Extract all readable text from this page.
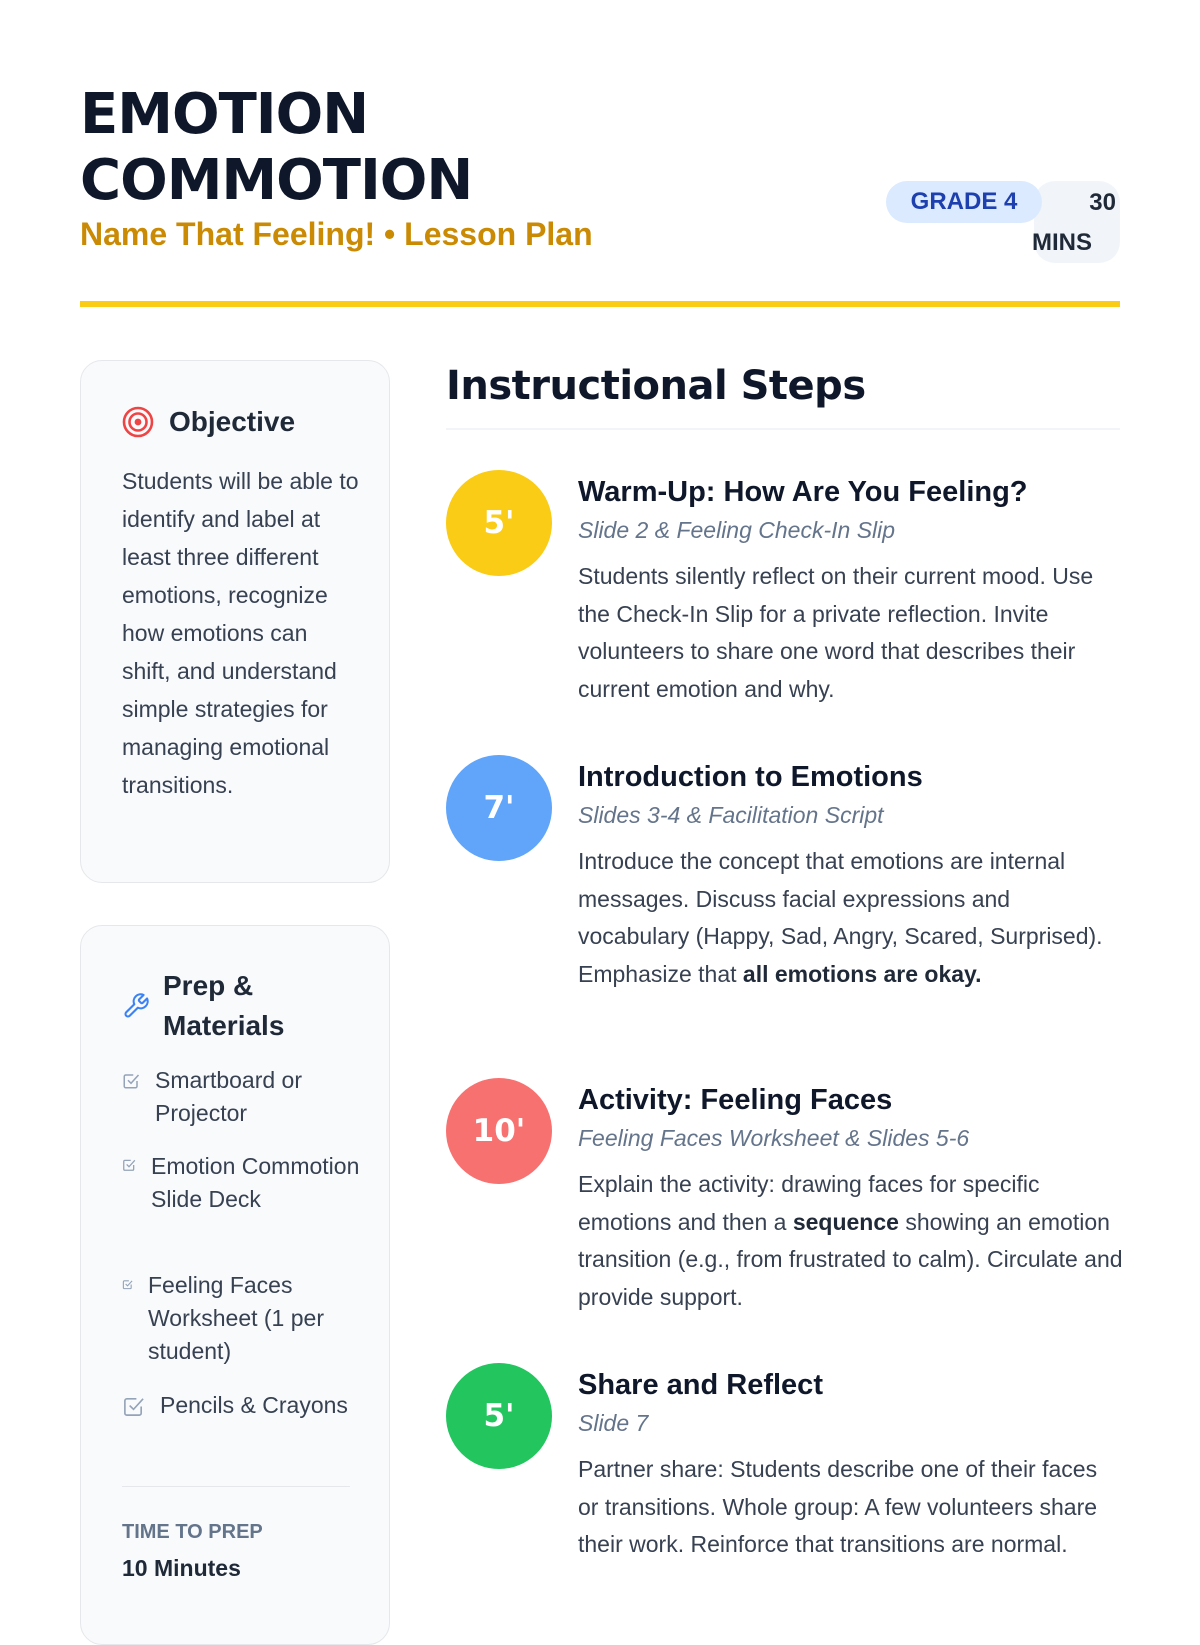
EMOTION
COMMOTION
Name That Feeling! • Lesson Plan
30
MINS
GRADE 4
Objective

Students will be able to identify and label at least three different emotions, recognize how emotions can shift, and understand simple strategies for managing emotional transitions.

Prep & Materials
Smartboard or Projector
Emotion Commotion Slide Deck
Feeling Faces Worksheet (1 per student)
Pencils & Crayons
TIME TO PREP
10 Minutes
Instructional Steps
5'
Warm-Up: How Are You Feeling?
Slide 2 & Feeling Check-In Slip

Students silently reflect on their current mood. Use the Check-In Slip for a private reflection. Invite volunteers to share one word that describes their current emotion and why.

7'
Introduction to Emotions
Slides 3-4 & Facilitation Script

Introduce the concept that emotions are internal messages. Discuss facial expressions and vocabulary (Happy, Sad, Angry, Scared, Surprised). Emphasize that all emotions are okay.

10'
Activity: Feeling Faces
Feeling Faces Worksheet & Slides 5-6

Explain the activity: drawing faces for specific emotions and then a sequence showing an emotion transition (e.g., from frustrated to calm). Circulate and provide support.

5'
Share and Reflect
Slide 7

Partner share: Students describe one of their faces or transitions. Whole group: A few volunteers share their work. Reinforce that transitions are normal.
